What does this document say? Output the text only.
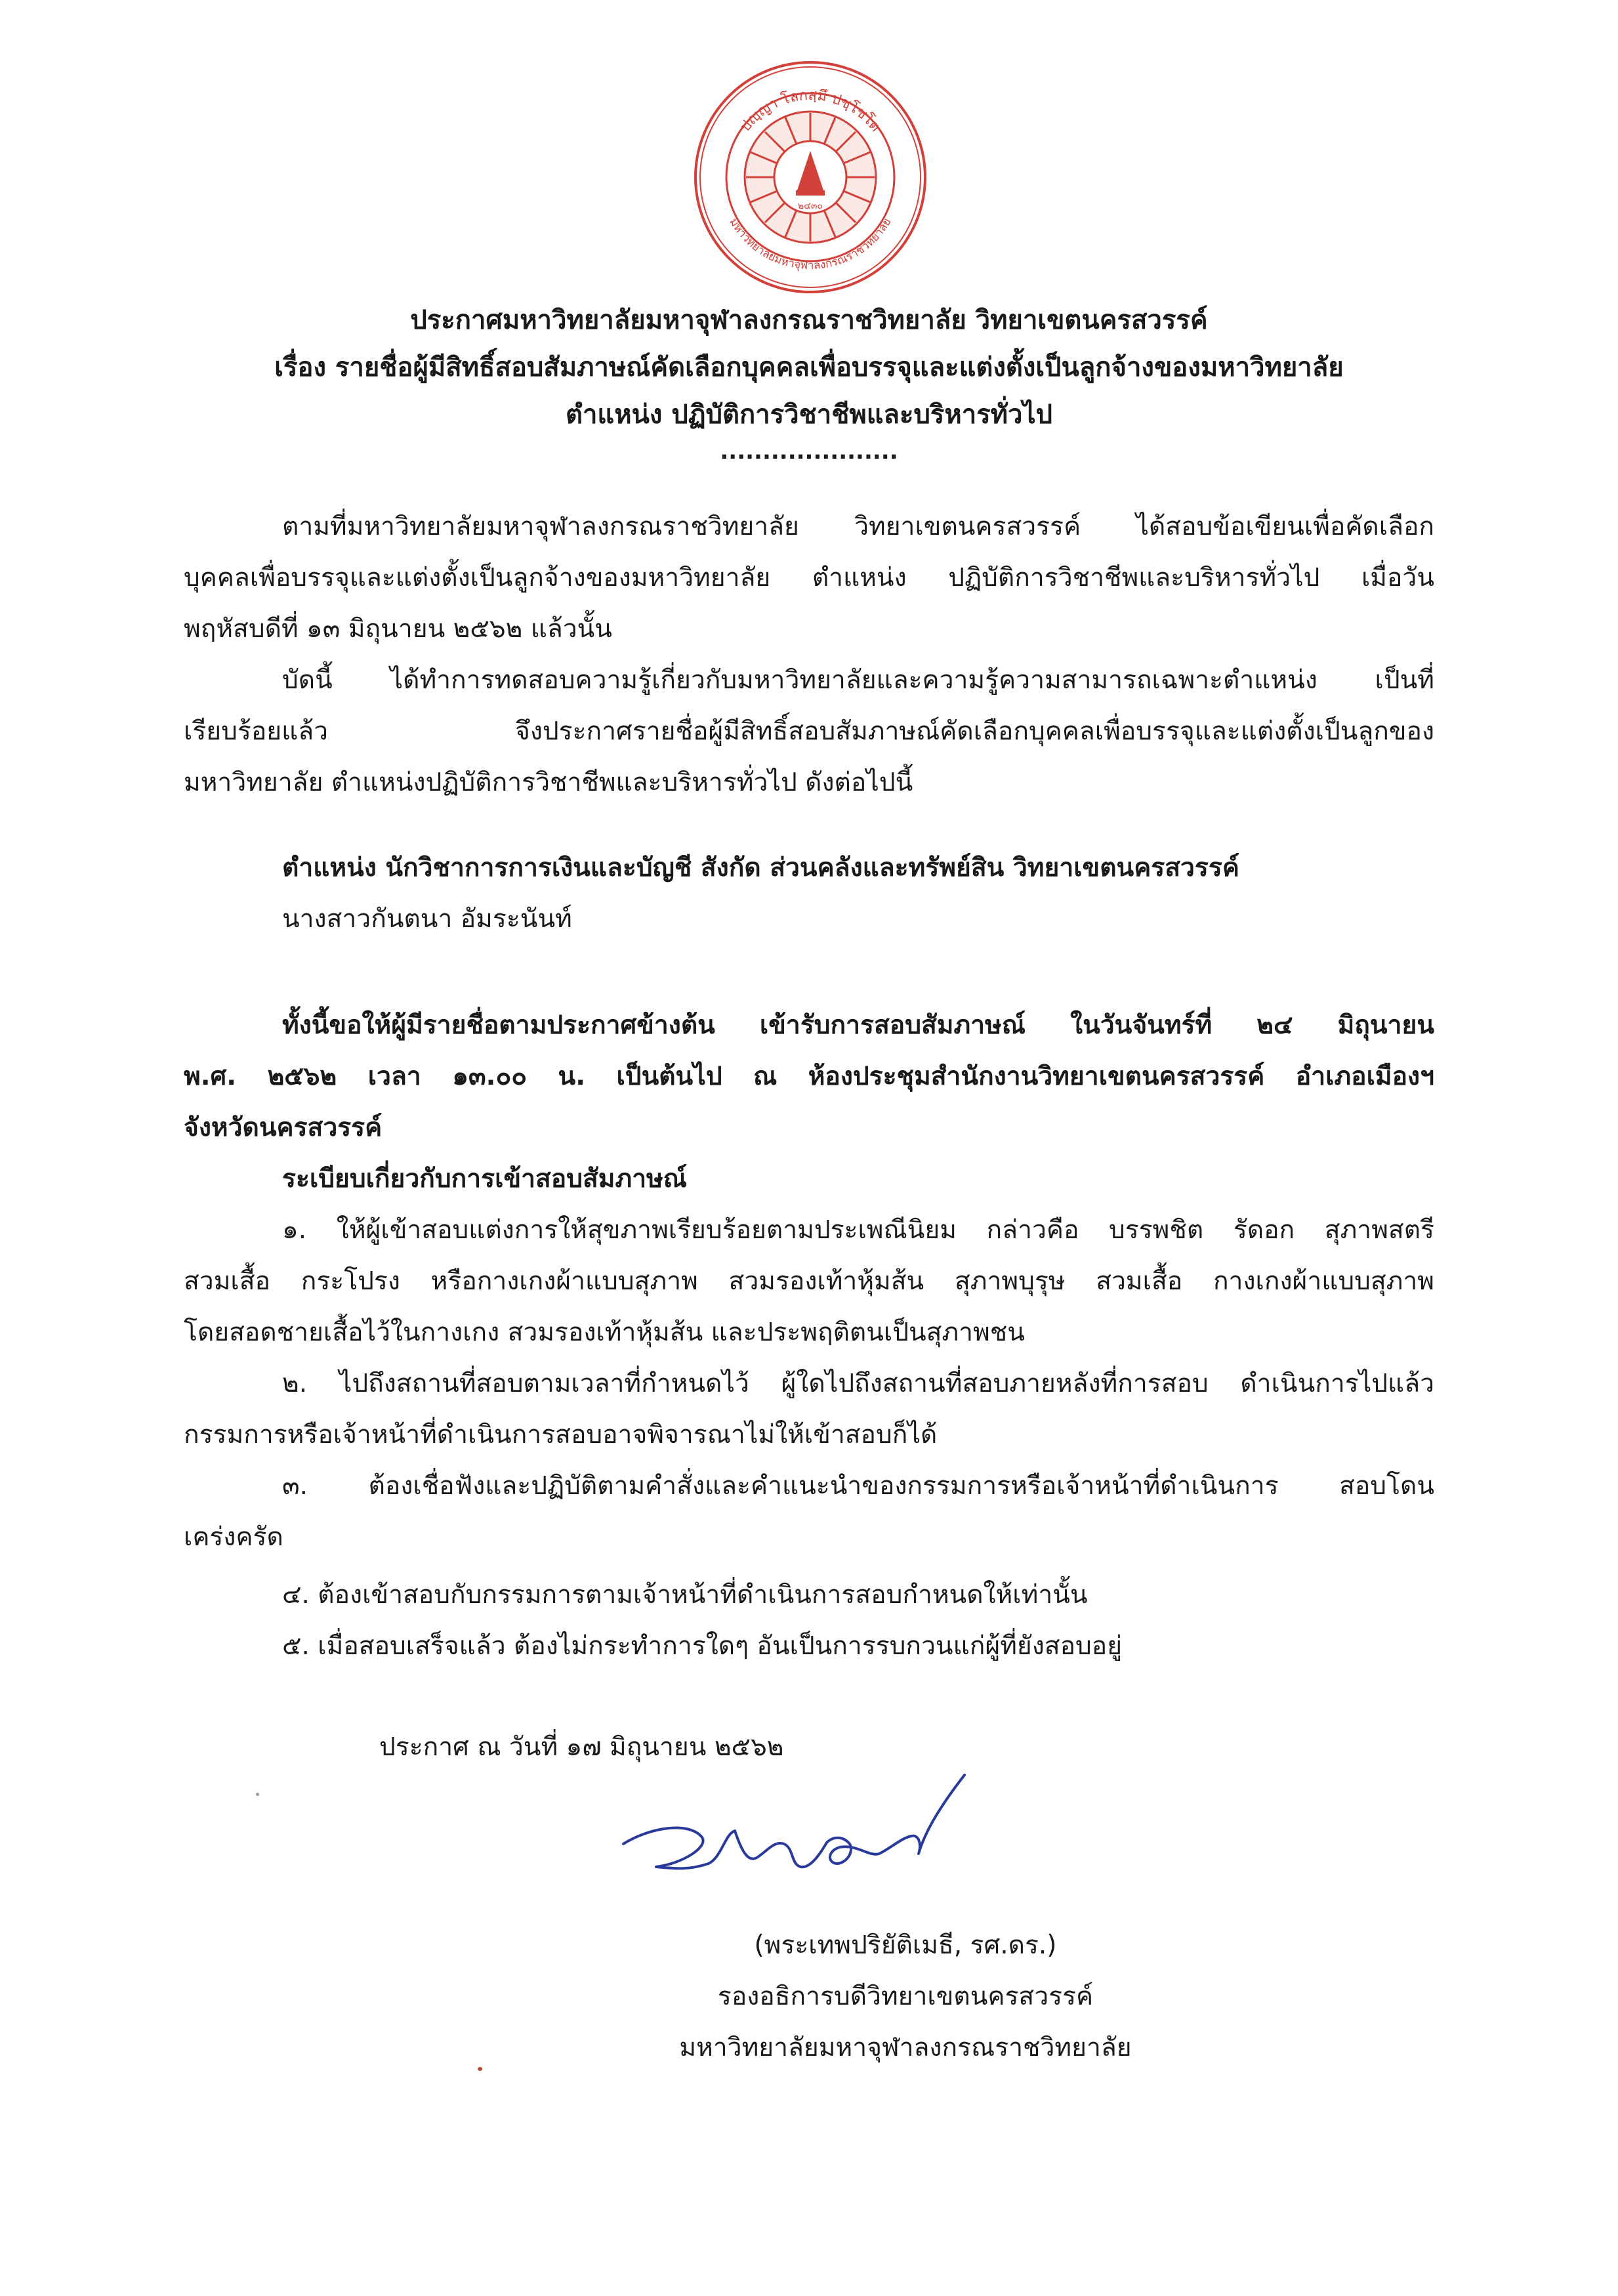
๒๔๓๐
ปญฺญา โลกสฺมึ ปชฺโชโต
มหาวิทยาลัยมหาจุฬาลงกรณราชวิทยาลัย
ประกาศมหาวิทยาลัยมหาจุฬาลงกรณราชวิทยาลัย วิทยาเขตนครสวรรค์
เรื่อง รายชื่อผู้มีสิทธิ์สอบสัมภาษณ์คัดเลือกบุคคลเพื่อบรรจุและแต่งตั้งเป็นลูกจ้างของมหาวิทยาลัย
ตำแหน่ง ปฏิบัติการวิชาชีพและบริหารทั่วไป
.....................
ตามที่มหาวิทยาลัยมหาจุฬาลงกรณราชวิทยาลัย วิทยาเขตนครสวรรค์ ได้สอบข้อเขียนเพื่อคัดเลือก
บุคคลเพื่อบรรจุและแต่งตั้งเป็นลูกจ้างของมหาวิทยาลัย ตำแหน่ง ปฏิบัติการวิชาชีพและบริหารทั่วไป เมื่อวัน
พฤหัสบดีที่ ๑๓ มิถุนายน ๒๕๖๒ แล้วนั้น
บัดนี้ ได้ทำการทดสอบความรู้เกี่ยวกับมหาวิทยาลัยและความรู้ความสามารถเฉพาะตำแหน่ง เป็นที่
เรียบร้อยแล้ว จึงประกาศรายชื่อผู้มีสิทธิ์สอบสัมภาษณ์คัดเลือกบุคคลเพื่อบรรจุและแต่งตั้งเป็นลูกของ
มหาวิทยาลัย ตำแหน่งปฏิบัติการวิชาชีพและบริหารทั่วไป ดังต่อไปนี้
ตำแหน่ง นักวิชาการการเงินและบัญชี สังกัด ส่วนคลังและทรัพย์สิน วิทยาเขตนครสวรรค์
นางสาวกันตนา อัมระนันท์
ทั้งนี้ขอให้ผู้มีรายชื่อตามประกาศข้างต้น เข้ารับการสอบสัมภาษณ์ ในวันจันทร์ที่ ๒๔ มิถุนายน
พ.ศ. ๒๕๖๒ เวลา ๑๓.๐๐ น. เป็นต้นไป ณ ห้องประชุมสำนักงานวิทยาเขตนครสวรรค์ อำเภอเมืองฯ
จังหวัดนครสวรรค์
ระเบียบเกี่ยวกับการเข้าสอบสัมภาษณ์
๑. ให้ผู้เข้าสอบแต่งการให้สุขภาพเรียบร้อยตามประเพณีนิยม กล่าวคือ บรรพชิต รัดอก สุภาพสตรี
สวมเสื้อ กระโปรง หรือกางเกงผ้าแบบสุภาพ สวมรองเท้าหุ้มส้น สุภาพบุรุษ สวมเสื้อ กางเกงผ้าแบบสุภาพ
โดยสอดชายเสื้อไว้ในกางเกง สวมรองเท้าหุ้มส้น และประพฤติตนเป็นสุภาพชน
๒. ไปถึงสถานที่สอบตามเวลาที่กำหนดไว้ ผู้ใดไปถึงสถานที่สอบภายหลังที่การสอบ ดำเนินการไปแล้ว
กรรมการหรือเจ้าหน้าที่ดำเนินการสอบอาจพิจารณาไม่ให้เข้าสอบก็ได้
๓. ต้องเชื่อฟังและปฏิบัติตามคำสั่งและคำแนะนำของกรรมการหรือเจ้าหน้าที่ดำเนินการ สอบโดน
เคร่งครัด
๔. ต้องเข้าสอบกับกรรมการตามเจ้าหน้าที่ดำเนินการสอบกำหนดให้เท่านั้น
๕. เมื่อสอบเสร็จแล้ว ต้องไม่กระทำการใดๆ อันเป็นการรบกวนแก่ผู้ที่ยังสอบอยู่
ประกาศ ณ วันที่ ๑๗ มิถุนายน ๒๕๖๒
(พระเทพปริยัติเมธี, รศ.ดร.)
รองอธิการบดีวิทยาเขตนครสวรรค์
มหาวิทยาลัยมหาจุฬาลงกรณราชวิทยาลัย
